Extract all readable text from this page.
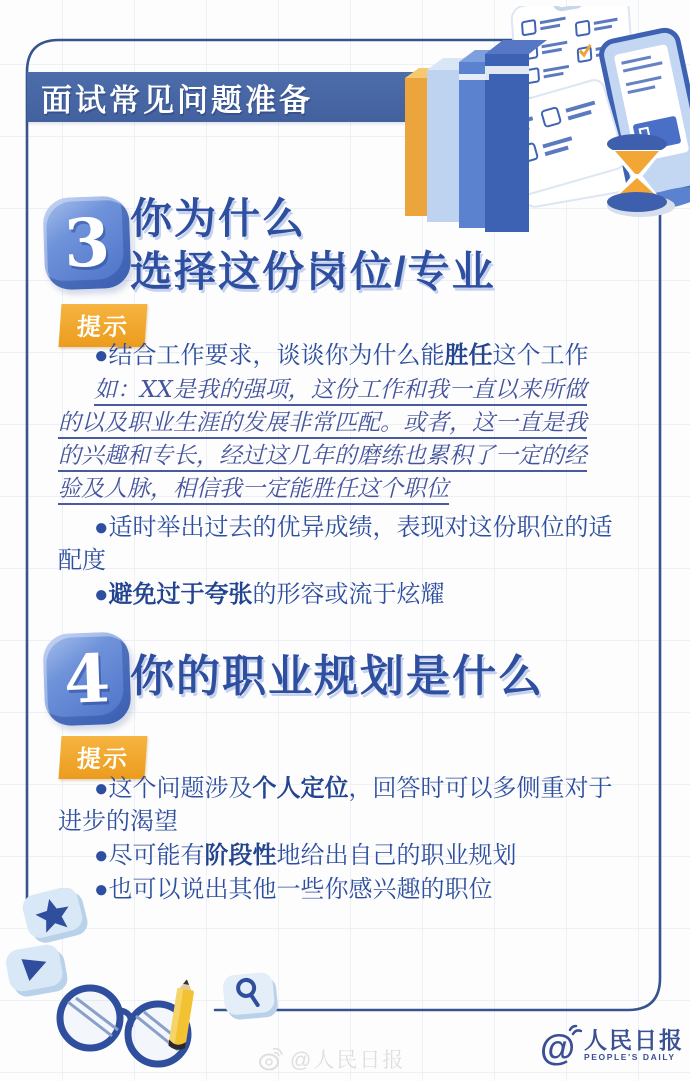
面试常见问题准备
3 你为什么
选择这份岗位/专业
提示

●结合工作要求，谈谈你为什么能胜任这个工作

如：XX是我的强项，这份工作和我一直以来所做
的以及职业生涯的发展非常匹配。或者，这一直是我
的兴趣和专长，经过这几年的磨练也累积了一定的经
验及人脉，相信我一定能胜任这个职位

●适时举出过去的优异成绩，表现对这份职位的适配度

●避免过于夸张的形容或流于炫耀

4 你的职业规划是什么
提示

●这个问题涉及个人定位，回答时可以多侧重对于进步的渴望

●尽可能有阶段性地给出自己的职业规划

●也可以说出其他一些你感兴趣的职位

@人民日报	@ 人民日报
PEOPLE'S DAILY
